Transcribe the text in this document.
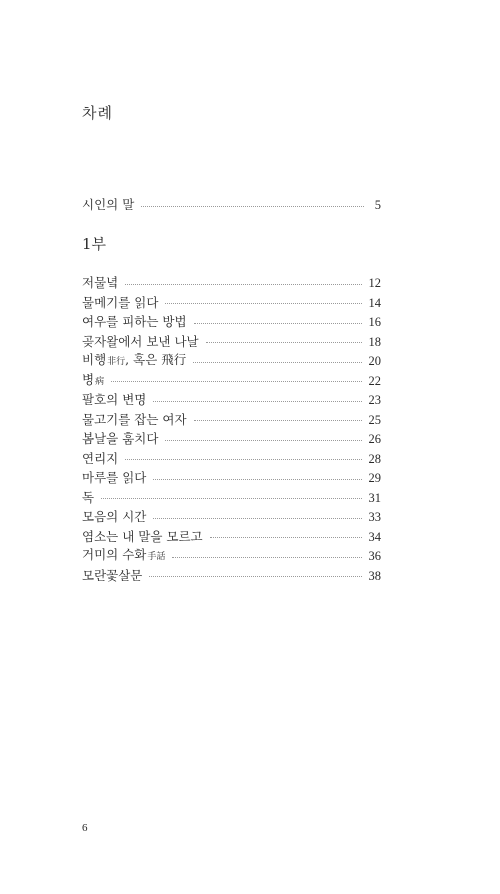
차례
시인의 말	5
1부
저물녘	12
물메기를 읽다	14
여우를 피하는 방법	16
곶자왈에서 보낸 나날	18
비행非行, 혹은 飛行	20
병病	22
팔호의 변명	23
물고기를 잡는 여자	25
봄날을 훔치다	26
연리지	28
마루를 읽다	29
독	31
모음의 시간	33
염소는 내 말을 모르고	34
거미의 수화手話	36
모란꽃살문	38
6
